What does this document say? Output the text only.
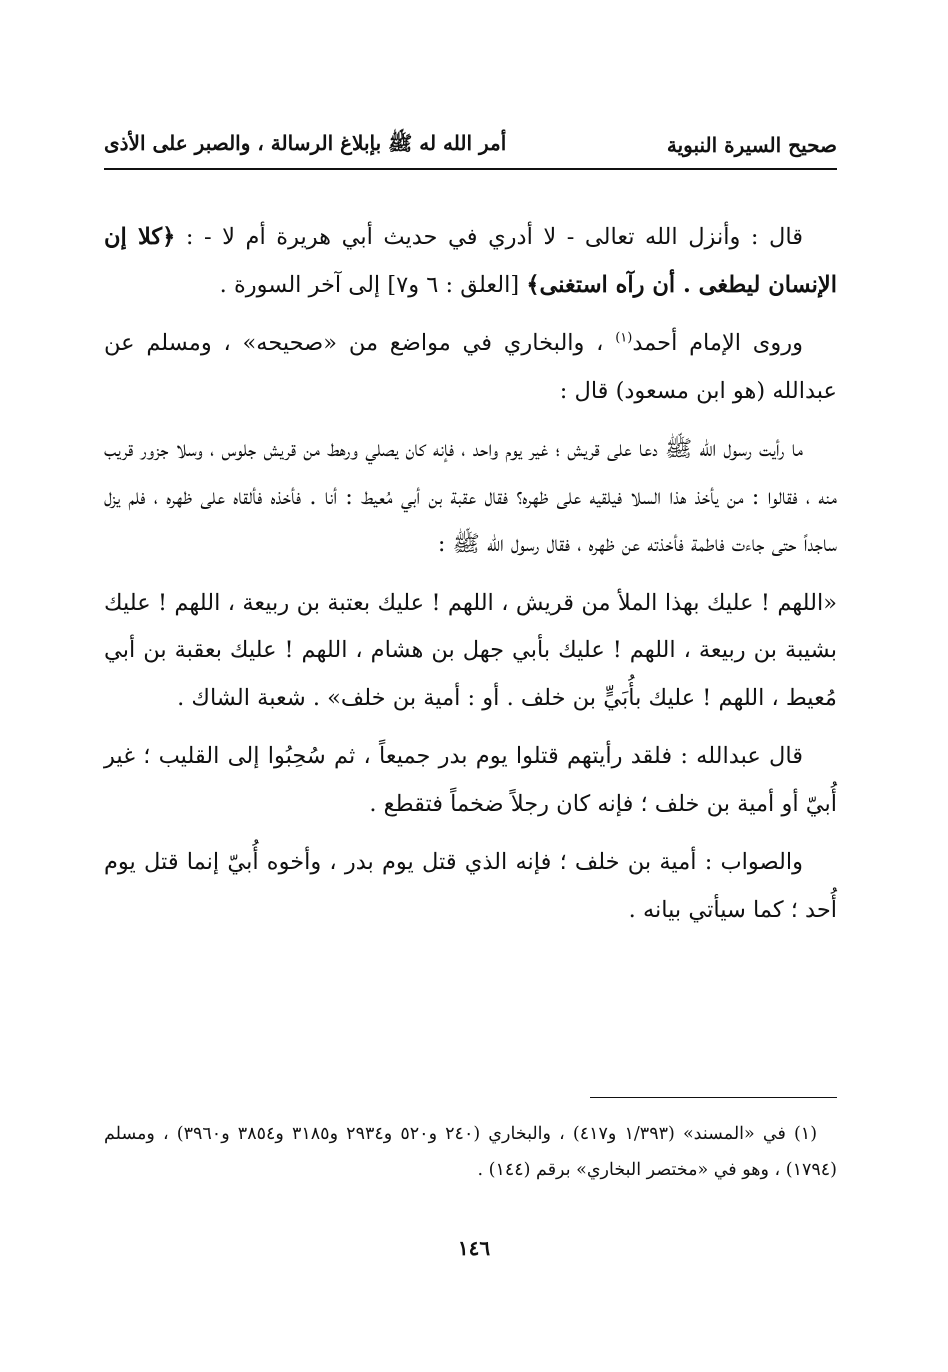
صحيح السيرة النبوية
أمر الله له ﷺ بإبلاغ الرسالة ، والصبر على الأذى

قال : وأنزل الله تعالى - لا أدري في حديث أبي هريرة أم لا - : ﴿كلا إن الإنسان ليطغى . أن رآه استغنى﴾ [العلق : ٦ و٧] إلى آخر السورة .

وروى الإمام أحمد$^{(١)}$ ، والبخاري في مواضع من «صحيحه» ، ومسلم عن عبدالله (هو ابن مسعود) قال :

ما رأيت رسول الله ﷺ دعا على قريش ؛ غير يوم واحد ، فإنه كان يصلي ورهط من قريش جلوس ، وسلا جزور قريب منه ، فقالوا : من يأخذ هذا السلا فيلقيه على ظهره؟ فقال عقبة بن أبي مُعيط : أنا . فأخذه فألقاه على ظهره ، فلم يزل ساجداً حتى جاءت فاطمة فأخذته عن ظهره ، فقال رسول الله ﷺ :

«اللهم ! عليك بهذا الملأ من قريش ، اللهم ! عليك بعتبة بن ربيعة ، اللهم ! عليك بشيبة بن ربيعة ، اللهم ! عليك بأبي جهل بن هشام ، اللهم ! عليك بعقبة بن أبي مُعيط ، اللهم ! عليك بأُبَيٍّ بن خلف . أو : أمية بن خلف» . شعبة الشاك .

قال عبدالله : فلقد رأيتهم قتلوا يوم بدر جميعاً ، ثم سُحِبُوا إلى القليب ؛ غير أُبيّ أو أمية بن خلف ؛ فإنه كان رجلاً ضخماً فتقطع .

والصواب : أمية بن خلف ؛ فإنه الذي قتل يوم بدر ، وأخوه أُبيّ إنما قتل يوم أُحد ؛ كما سيأتي بيانه .

(١) في «المسند» (١/٣٩٣ و٤١٧) ، والبخاري (٢٤٠ و٥٢٠ و٢٩٣٤ و٣١٨٥ و٣٨٥٤ و٣٩٦٠) ، ومسلم (١٧٩٤) ، وهو في «مختصر البخاري» برقم (١٤٤) .

١٤٦
